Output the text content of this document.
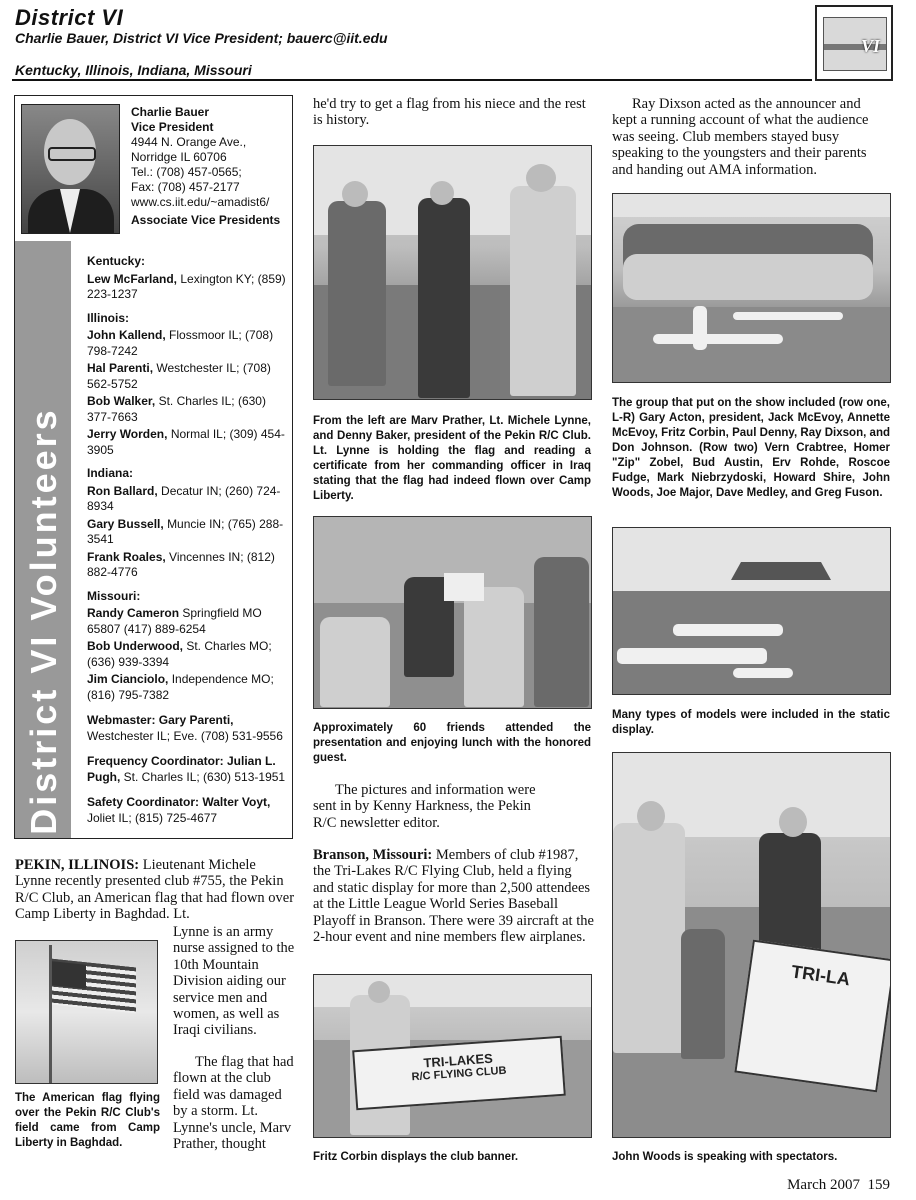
District VI
Charlie Bauer, District VI Vice President; bauerc@iit.edu
Kentucky, Illinois, Indiana, Missouri
VI
District VI Volunteers
Charlie Bauer
Vice President
4944 N. Orange Ave.,
Norridge IL 60706
Tel.: (708) 457-0565;
Fax: (708) 457-2177
www.cs.iit.edu/~amadist6/
Associate Vice Presidents
Kentucky:
Lew McFarland, Lexington KY; (859) 223-1237
Illinois:
John Kallend, Flossmoor IL; (708) 798-7242
Hal Parenti, Westchester IL; (708) 562-5752
Bob Walker, St. Charles IL; (630) 377-7663
Jerry Worden, Normal IL; (309) 454-3905
Indiana:
Ron Ballard, Decatur IN; (260) 724-8934
Gary Bussell, Muncie IN; (765) 288-3541
Frank Roales, Vincennes IN; (812) 882-4776
Missouri:
Randy Cameron Springfield MO 65807 (417) 889-6254
Bob Underwood, St. Charles MO; (636) 939-3394
Jim Cianciolo, Independence MO; (816) 795-7382
Webmaster: Gary Parenti, Westchester IL; Eve. (708) 531-9556
Frequency Coordinator: Julian L. Pugh, St. Charles IL; (630) 513-1951
Safety Coordinator: Walter Voyt, Joliet IL; (815) 725-4677
PEKIN, ILLINOIS: Lieutenant Michele Lynne recently presented club #755, the Pekin R/C Club, an American flag that had flown over Camp Liberty in Baghdad. Lt.
The American flag flying over the Pekin R/C Club's field came from Camp Liberty in Baghdad.
Lynne is an army nurse assigned to the 10th Mountain Division aiding our service men and women, as well as Iraqi civilians.
The flag that had flown at the club field was damaged by a storm. Lt. Lynne's uncle, Marv Prather, thought
he'd try to get a flag from his niece and the rest is history.
From the left are Marv Prather, Lt. Michele Lynne, and Denny Baker, president of the Pekin R/C Club. Lt. Lynne is holding the flag and reading a certificate from her commanding officer in Iraq stating that the flag had indeed flown over Camp Liberty.
Approximately 60 friends attended the presentation and enjoying lunch with the honored guest.
The pictures and information were sent in by Kenny Harkness, the Pekin R/C newsletter editor.
Branson, Missouri: Members of club #1987, the Tri-Lakes R/C Flying Club, held a flying and static display for more than 2,500 attendees at the Little League World Series Baseball Playoff in Branson. There were 39 aircraft at the 2-hour event and nine members flew airplanes.
TRI-LAKES
R/C FLYING CLUB
Fritz Corbin displays the club banner.
Ray Dixson acted as the announcer and kept a running account of what the audience was seeing. Club members stayed busy speaking to the youngsters and their parents and handing out AMA information.
The group that put on the show included (row one, L-R) Gary Acton, president, Jack McEvoy, Annette McEvoy, Fritz Corbin, Paul Denny, Ray Dixson, and Don Johnson. (Row two) Vern Crabtree, Homer "Zip" Zobel, Bud Austin, Erv Rohde, Roscoe Fudge, Mark Niebrzydoski, Howard Shire, John Woods, Joe Major, Dave Medley, and Greg Fuson.
Many types of models were included in the static display.
TRI-LA
John Woods is speaking with spectators.
March 2007 159
